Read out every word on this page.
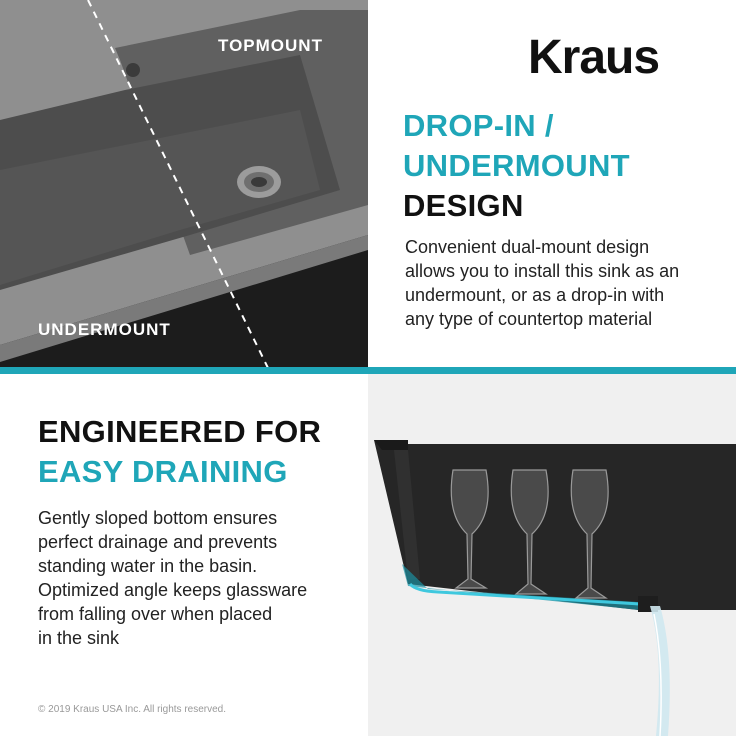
TOPMOUNT
UNDERMOUNT
Kraus
DROP-IN /
UNDERMOUNT
DESIGN
Convenient dual-mount design
allows you to install this sink as an
undermount, or as a drop-in with
any type of countertop material
ENGINEERED FOR
EASY DRAINING
Gently sloped bottom ensures
perfect drainage and prevents
standing water in the basin.
Optimized angle keeps glassware
from falling over when placed
in the sink
© 2019 Kraus USA Inc. All rights reserved.
